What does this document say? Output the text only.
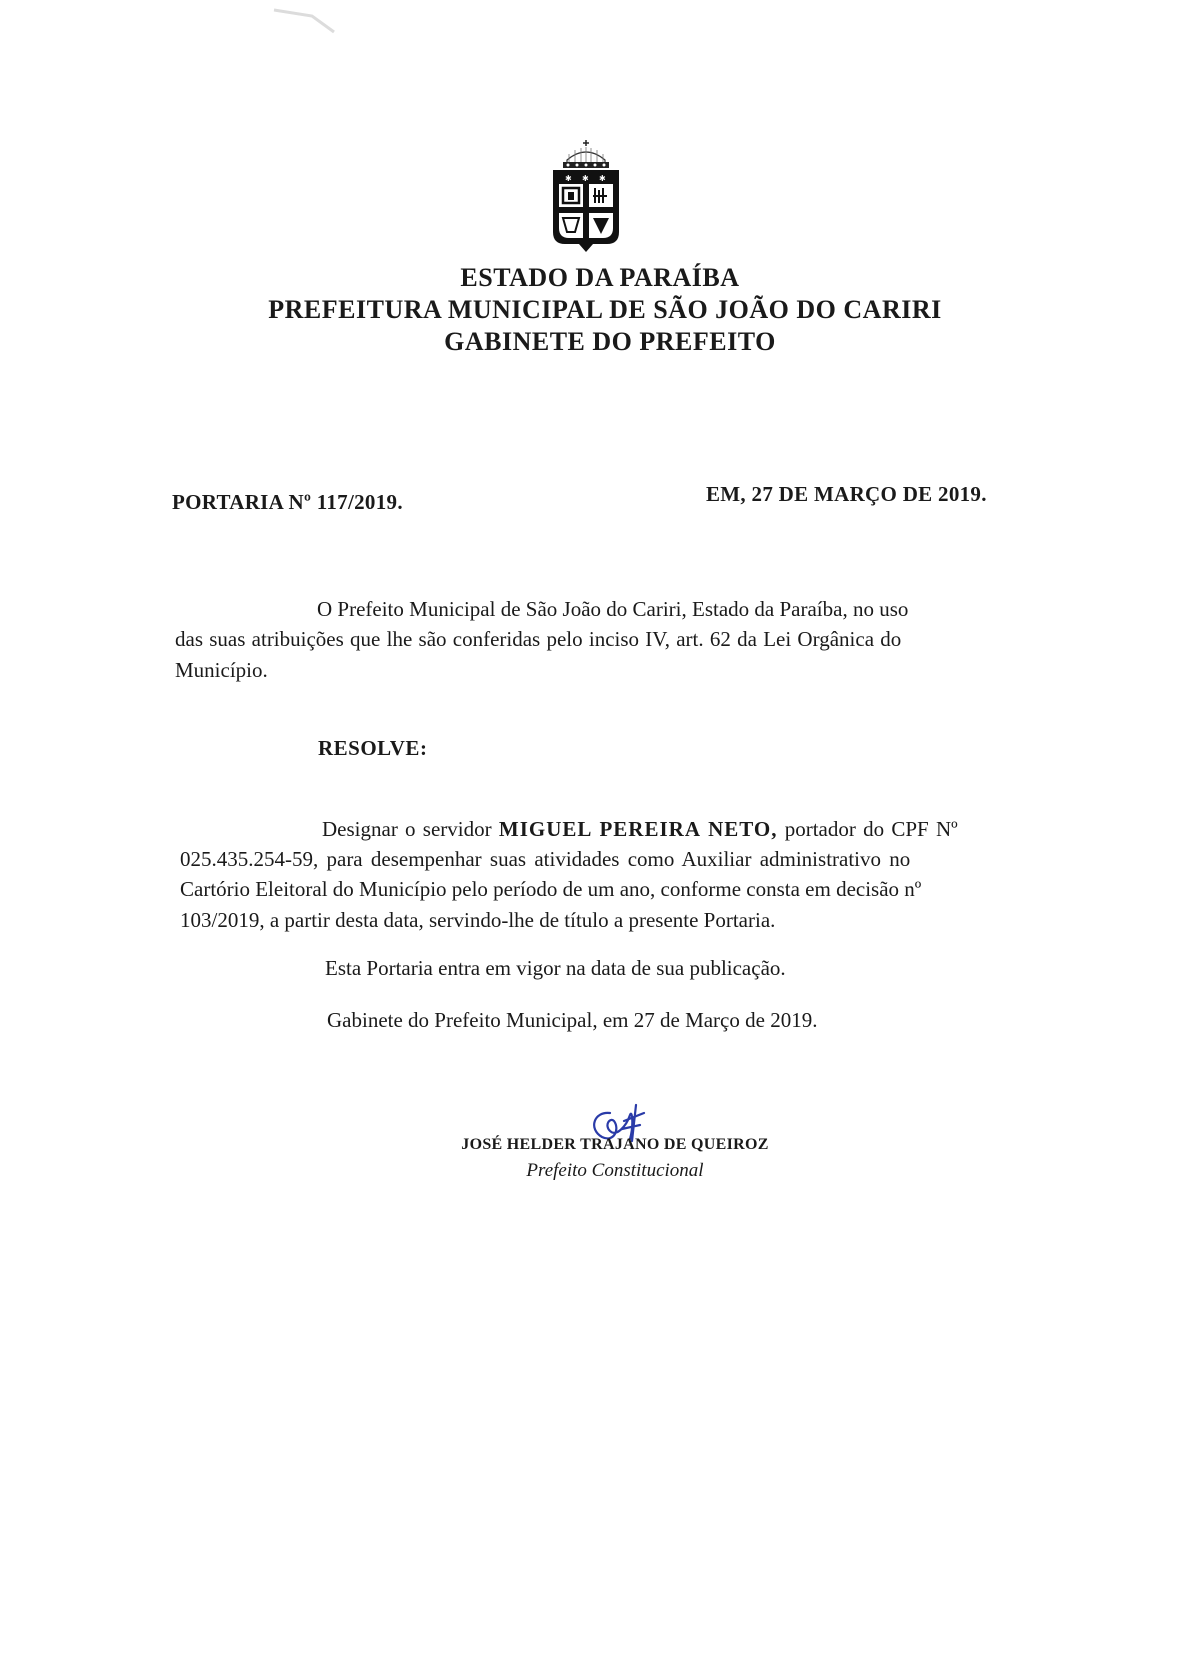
✱ ✱ ✱
ESTADO DA PARAÍBA
PREFEITURA MUNICIPAL DE SÃO JOÃO DO CARIRI
GABINETE DO PREFEITO
PORTARIA Nº 117/2019.	EM, 27 DE MARÇO DE 2019.
O Prefeito Municipal de São João do Cariri, Estado da Paraíba, no uso
das suas atribuições que lhe são conferidas pelo inciso IV, art. 62 da Lei Orgânica do
Município.
RESOLVE:
Designar o servidor MIGUEL PEREIRA NETO, portador do CPF Nº
025.435.254-59, para desempenhar suas atividades como Auxiliar administrativo no
Cartório Eleitoral do Município pelo período de um ano, conforme consta em decisão nº
103/2019, a partir desta data, servindo-lhe de título a presente Portaria.
Esta Portaria entra em vigor na data de sua publicação.
Gabinete do Prefeito Municipal, em 27 de Março de 2019.
JOSÉ HELDER TRAJANO DE QUEIROZ
Prefeito Constitucional
